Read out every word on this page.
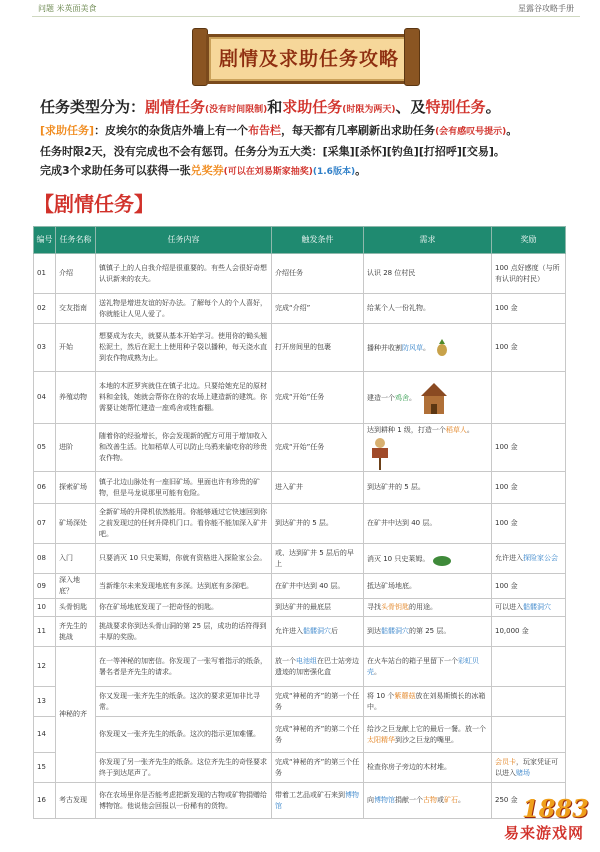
问题 米英面美食	星露谷攻略手册
剧情及求助任务攻略
任务类型分为：剧情任务(没有时间限制)和求助任务(时限为两天)、及特别任务。
[求助任务]：皮埃尔的杂货店外墙上有一个布告栏，每天都有几率刷新出求助任务(会有感叹号提示)。
任务时限2天，没有完成也不会有惩罚。任务分为五大类：[采集][杀怀][钓鱼][打招呼][交易]。
完成3个求助任务可以获得一张兑奖券(可以在刘易斯家抽奖)(1.6版本)。
【剧情任务】
编号	任务名称	任务内容	触发条件	需求	奖励
01	介绍	镇镇子上的人自我介绍是很重要的。有些人会很好奇想认识新来的农夫。	介绍任务	认识 28 位村民	100 点好感度（与所有认识的村民）
02	交友指南	送礼物是增进友谊的好办法。了解每个人的个人喜好，你就能让人见人爱了。	完成“介绍”	给某个人一份礼物。	100 金
03	开始	想要成为农夫，就要从基本开始学习。使用你的锄头翘松泥土，然后在泥土上使用种子袋以播种，每天浇水直到农作物成熟为止。	打开房间里的包裹	播种并收割防风草。	100 金
04	养殖动物	本地的木匠罗宾就住在镇子北边。只要给她充足的原材料和金钱，她就会帮你在你的农场上建造新的建筑。你需要让她帮忙建造一座鸡舍或牲畜棚。	完成“开始”任务	建造一个鸡舍。	
05	进阶	随着你的经验增长，你会发现新的配方可用于增加收入和改善生活。比如稻草人可以防止乌鸦来偷吃你的珍贵农作物。	完成“开始”任务	达到耕种 1 级，打造一个稻草人。	100 金
06	探索矿场	镇子北边山脉处有一座旧矿场。里面也许有珍贵的矿物，但是马龙说那里可能有危险。	进入矿井	到达矿井的 5 层。	100 金
07	矿场深处	全新矿场的升降机依然能用。你能够通过它快速回到你之前发现过的任何升降机门口。看你能不能加深入矿井吧。	到达矿井的 5 层。	在矿井中达到 40 层。	100 金
08	入门	只要消灭 10 只史莱姆，你就有资格进入探险家公会。	或、达到矿井 5 层后的早上	消灭 10 只史莱姆。	允许进入探险家公会
09	深入地底？	当新维尔未来发现地底有多深。达到底有多深吧。	在矿井中达到 40 层。	抵达矿场地底。	100 金
10	头骨钥匙	你在矿场地底发现了一把奇怪的钥匙。	到达矿井的最底层	寻找头骨钥匙的用途。	可以进入骷髅洞穴
11	齐先生的挑战	挑战要求你到达头骨山洞的第 25 层，成功的话符得到丰厚的奖励。	允许进入骷髅洞穴后	到达骷髅洞穴的第 25 层。	10,000 金
12	神秘的齐	在一等神秘的加密信。你发现了一张写着指示的纸条，署名者是齐先生的请求。	放一个电池组在巴士站旁边遗迹的加密强化盒	在火车站台的箱子里留下一个彩虹贝壳。	
13		你又发现一张齐先生的纸条。这次的要求更加非比寻常。	完成“神秘的齐”的第一个任务	将 10 个紫蘑菇放在刘易斯镇长的冰箱中。	
14		你发现又一张齐先生的纸条。这次的指示更加难懂。	完成“神秘的齐”的第二个任务	给沙之巨龙献上它的最后一餐。放一个太阳精华到沙之巨龙的嘴里。	
15		你发现了另一张齐先生的纸条。这位齐先生的奇怪要求终于到达尾声了。	完成“神秘的齐”的第三个任务	检查你房子旁边的木材堆。	会员卡，玩家凭证可以进入赌场
16	考古发现	你在农场里你是否能考虑把新发现的古物或矿物捐赠给博物馆。他说他会回报以一份稀有的货物。	带着工艺品或矿石来到博物馆	向博物馆捐献一个古物或矿石。	250 金 1883
易来游戏网
